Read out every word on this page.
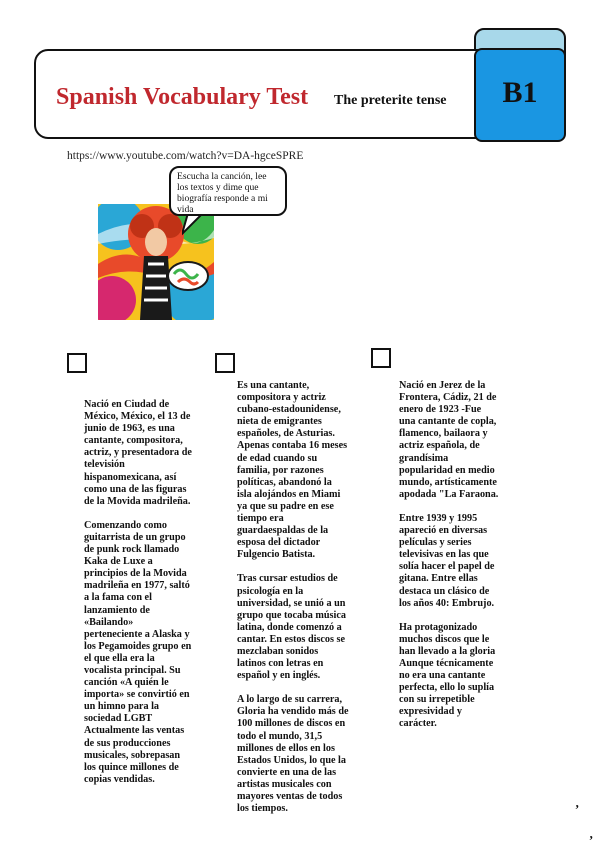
Spanish Vocabulary Test The preterite tense B1
https://www.youtube.com/watch?v=DA-hgceSPRE
Escucha la canción, lee los textos y dime que biografía responde a mi vida

Nació en Ciudad de México, México, el 13 de junio de 1963, es una cantante, compositora, actriz, y presentadora de televisión hispanomexicana, así como una de las figuras de la Movida madrileña.

Comenzando como guitarrista de un grupo de punk rock llamado Kaka de Luxe a principios de la Movida madrileña en 1977, saltó a la fama con el lanzamiento de «Bailando» perteneciente a Alaska y los Pegamoides grupo en el que ella era la vocalista principal. Su canción «A quién le importa» se convirtió en un himno para la sociedad LGBT Actualmente las ventas de sus producciones musicales, sobrepasan los quince millones de copias vendidas.

Es una cantante, compositora y actriz cubano-estadounidense, nieta de emigrantes españoles, de Asturias. Apenas contaba 16 meses de edad cuando su familia, por razones políticas, abandonó la isla alojándos en Miami ya que su padre en ese tiempo era guardaespaldas de la esposa del dictador Fulgencio Batista.

Tras cursar estudios de psicología en la universidad, se unió a un grupo que tocaba música latina, donde comenzó a cantar. En estos discos se mezclaban sonidos latinos con letras en español y en inglés.

A lo largo de su carrera, Gloria ha vendido más de 100 millones de discos en todo el mundo, 31,5 millones de ellos en los Estados Unidos, lo que la convierte en una de las artistas musicales con mayores ventas de todos los tiempos.

Nació en Jerez de la Frontera, Cádiz, 21 de enero de 1923 -Fue una cantante de copla, flamenco, bailaora y actriz española, de grandísima popularidad en medio mundo, artísticamente apodada "La Faraona.

Entre 1939 y 1995 apareció en diversas películas y series televisivas en las que solía hacer el papel de gitana. Entre ellas destaca un clásico de los años 40: Embrujo.

Ha protagonizado muchos discos que le han llevado a la gloria Aunque técnicamente no era una cantante perfecta, ello lo suplía con su irrepetible expresividad y carácter.

‚
‚
